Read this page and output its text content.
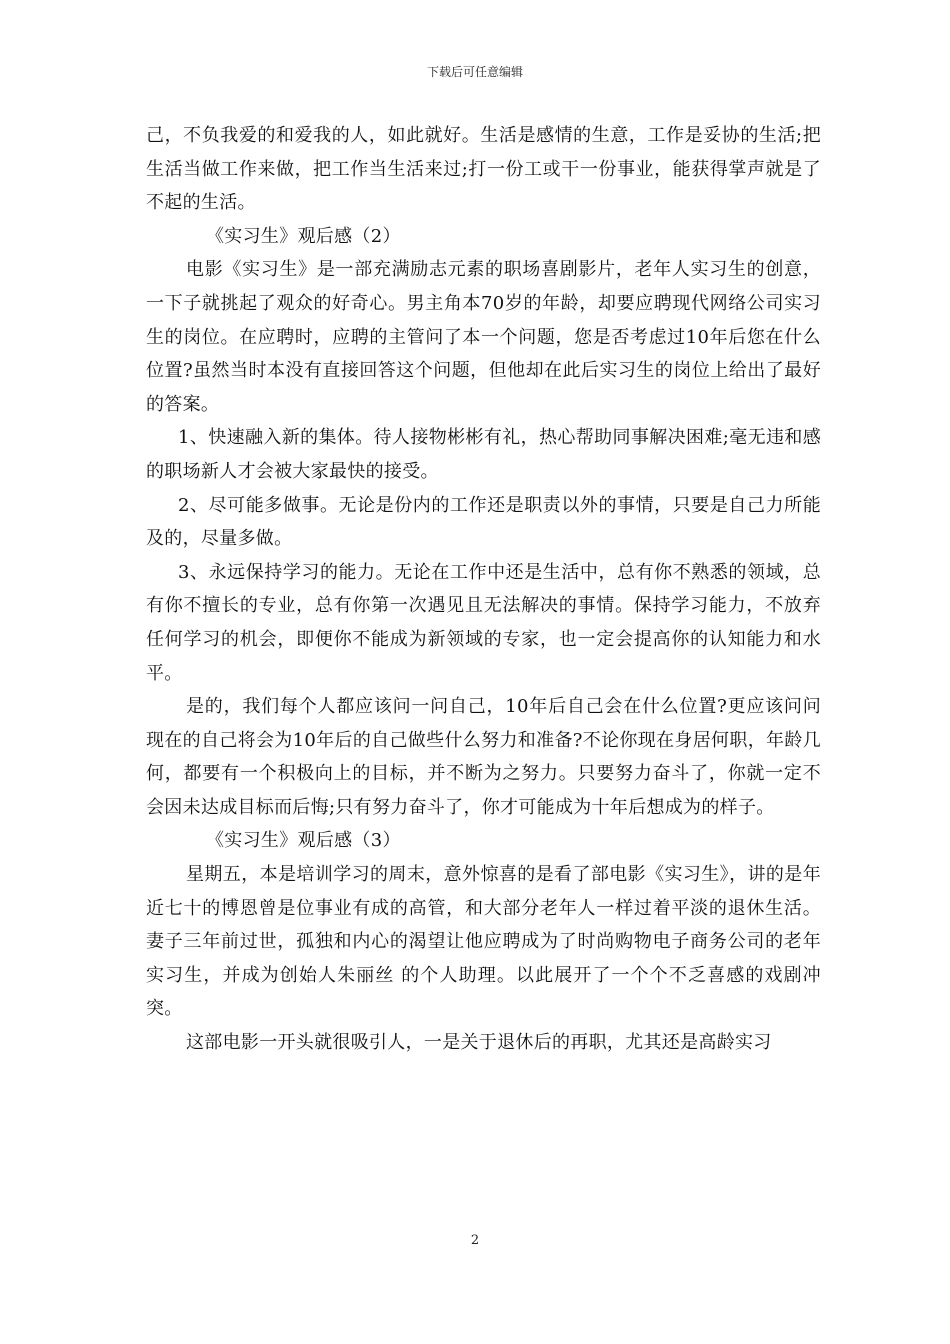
下载后可任意编辑

己，不负我爱的和爱我的人，如此就好。生活是感情的生意，工作是妥协的生活;把生活当做工作来做，把工作当生活来过;打一份工或干一份事业，能获得掌声就是了不起的生活。

《实习生》观后感（2）

电影《实习生》是一部充满励志元素的职场喜剧影片，老年人实习生的创意，一下子就挑起了观众的好奇心。男主角本70岁的年龄，却要应聘现代网络公司实习生的岗位。在应聘时，应聘的主管问了本一个问题，您是否考虑过10年后您在什么位置?虽然当时本没有直接回答这个问题，但他却在此后实习生的岗位上给出了最好的答案。

1、快速融入新的集体。待人接物彬彬有礼，热心帮助同事解决困难;毫无违和感的职场新人才会被大家最快的接受。

2、尽可能多做事。无论是份内的工作还是职责以外的事情，只要是自己力所能及的，尽量多做。

3、永远保持学习的能力。无论在工作中还是生活中，总有你不熟悉的领域，总有你不擅长的专业，总有你第一次遇见且无法解决的事情。保持学习能力，不放弃任何学习的机会，即便你不能成为新领域的专家，也一定会提高你的认知能力和水平。

是的，我们每个人都应该问一问自己，10年后自己会在什么位置?更应该问问现在的自己将会为10年后的自己做些什么努力和准备?不论你现在身居何职，年龄几何，都要有一个积极向上的目标，并不断为之努力。只要努力奋斗了，你就一定不会因未达成目标而后悔;只有努力奋斗了，你才可能成为十年后想成为的样子。

《实习生》观后感（3）

星期五，本是培训学习的周末，意外惊喜的是看了部电影《实习生》，讲的是年近七十的博恩曾是位事业有成的高管，和大部分老年人一样过着平淡的退休生活。妻子三年前过世，孤独和内心的渴望让他应聘成为了时尚购物电子商务公司的老年实习生，并成为创始人朱丽丝 的个人助理。以此展开了一个个不乏喜感的戏剧冲突。

这部电影一开头就很吸引人，一是关于退休后的再职，尤其还是高龄实习

2
